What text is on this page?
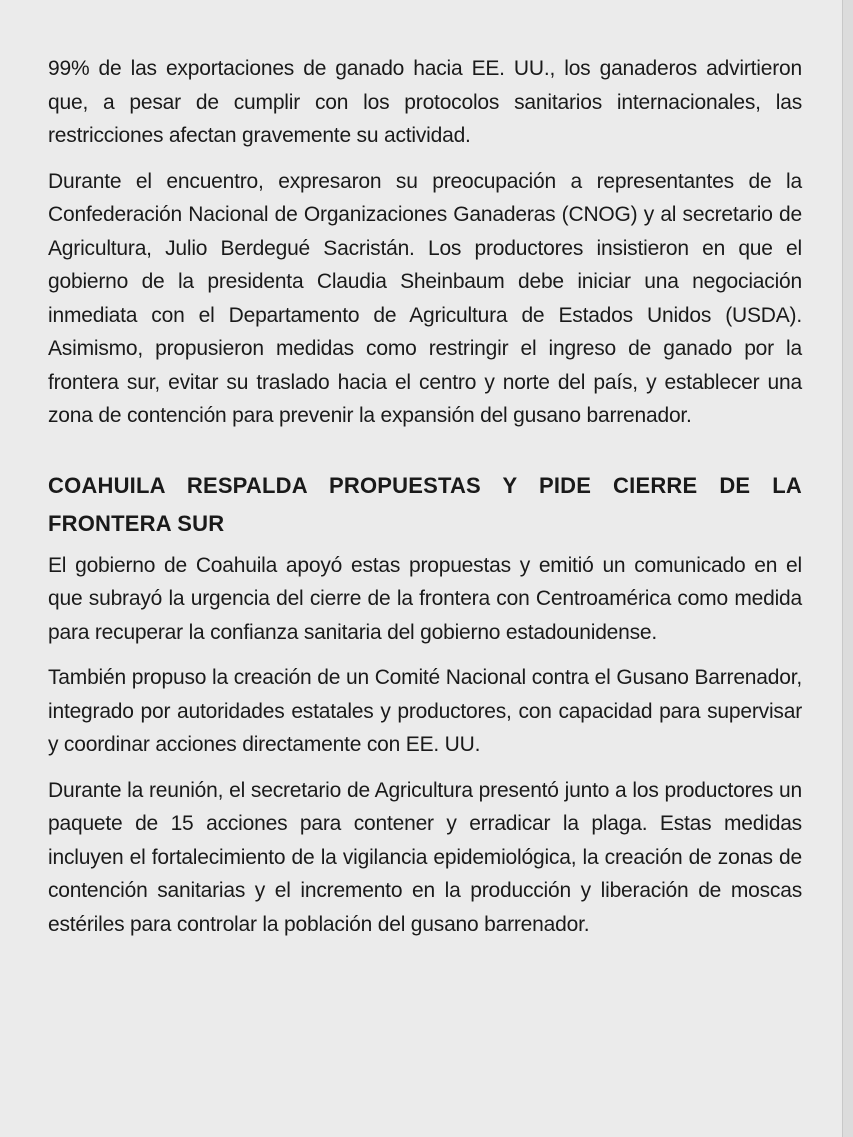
99% de las exportaciones de ganado hacia EE. UU., los ganaderos advirtieron que, a pesar de cumplir con los protocolos sanitarios internacionales, las restricciones afectan gravemente su actividad.

Durante el encuentro, expresaron su preocupación a representantes de la Confederación Nacional de Organizaciones Ganaderas (CNOG) y al secretario de Agricultura, Julio Berdegué Sacristán. Los productores insistieron en que el gobierno de la presidenta Claudia Sheinbaum debe iniciar una negociación inmediata con el Departamento de Agricultura de Estados Unidos (USDA). Asimismo, propusieron medidas como restringir el ingreso de ganado por la frontera sur, evitar su traslado hacia el centro y norte del país, y establecer una zona de contención para prevenir la expansión del gusano barrenador.

COAHUILA RESPALDA PROPUESTAS Y PIDE CIERRE DE LA FRONTERA SUR

El gobierno de Coahuila apoyó estas propuestas y emitió un comunicado en el que subrayó la urgencia del cierre de la frontera con Centroamérica como medida para recuperar la confianza sanitaria del gobierno estadounidense.

También propuso la creación de un Comité Nacional contra el Gusano Barrenador, integrado por autoridades estatales y productores, con capacidad para supervisar y coordinar acciones directamente con EE. UU.

Durante la reunión, el secretario de Agricultura presentó junto a los productores un paquete de 15 acciones para contener y erradicar la plaga. Estas medidas incluyen el fortalecimiento de la vigilancia epidemiológica, la creación de zonas de contención sanitarias y el incremento en la producción y liberación de moscas estériles para controlar la población del gusano barrenador.
